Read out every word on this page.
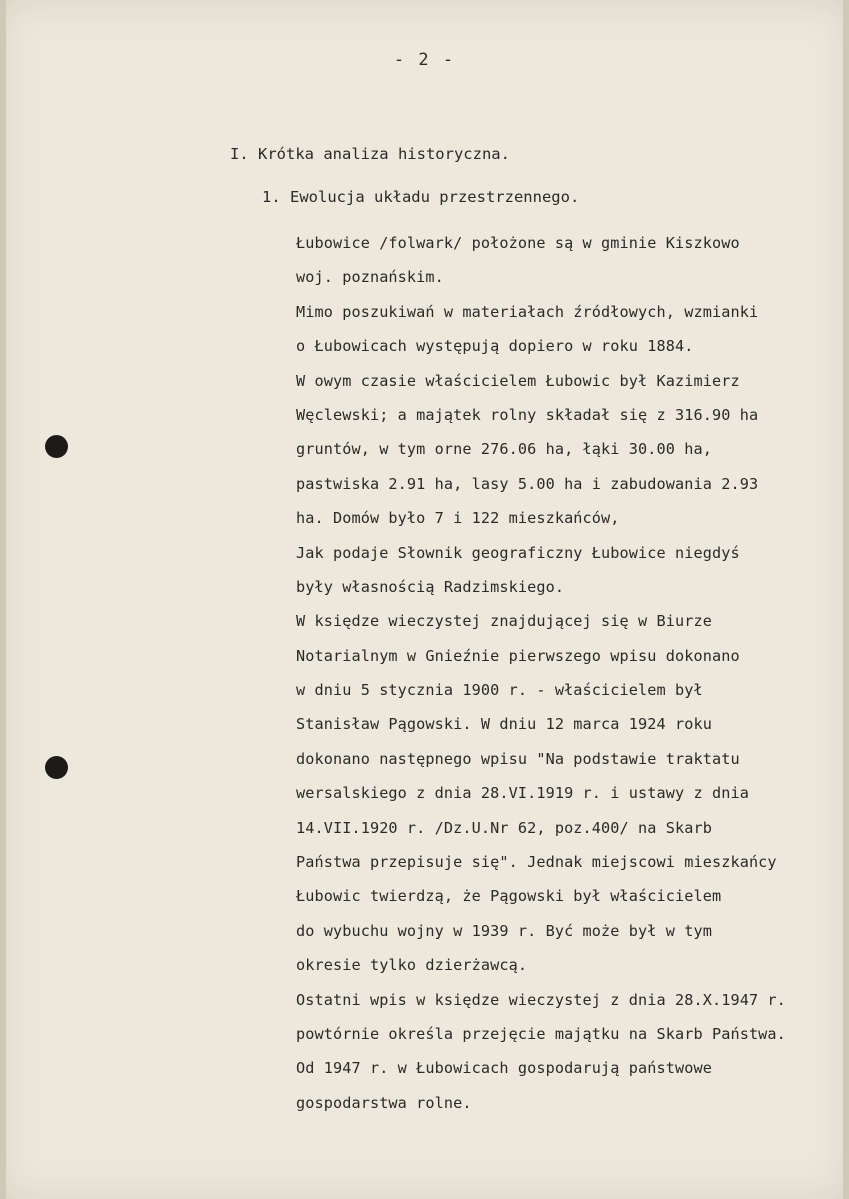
- 2 -
I. Krótka analiza historyczna.
1. Ewolucja układu przestrzennego.
Łubowice /folwark/ położone są w gminie Kiszkowo
woj. poznańskim.
Mimo poszukiwań w materiałach źródłowych, wzmianki
o Łubowicach występują dopiero w roku 1884.
W owym czasie właścicielem Łubowic był Kazimierz
Węclewski; a majątek rolny składał się z 316.90 ha
gruntów, w tym orne 276.06 ha, łąki 30.00 ha,
pastwiska 2.91 ha, lasy 5.00 ha i zabudowania 2.93
ha. Domów było 7 i 122 mieszkańców,
Jak podaje Słownik geograficzny Łubowice niegdyś
były własnością Radzimskiego.
W księdze wieczystej znajdującej się w Biurze
Notarialnym w Gnieźnie pierwszego wpisu dokonano
w dniu 5 stycznia 1900 r. - właścicielem był
Stanisław Pągowski. W dniu 12 marca 1924 roku
dokonano następnego wpisu "Na podstawie traktatu
wersalskiego z dnia 28.VI.1919 r. i ustawy z dnia
14.VII.1920 r. /Dz.U.Nr 62, poz.400/ na Skarb
Państwa przepisuje się". Jednak miejscowi mieszkańcy
Łubowic twierdzą, że Pągowski był właścicielem
do wybuchu wojny w 1939 r. Być może był w tym
okresie tylko dzierżawcą.
Ostatni wpis w księdze wieczystej z dnia 28.X.1947 r.
powtórnie określa przejęcie majątku na Skarb Państwa.
Od 1947 r. w Łubowicach gospodarują państwowe
gospodarstwa rolne.
